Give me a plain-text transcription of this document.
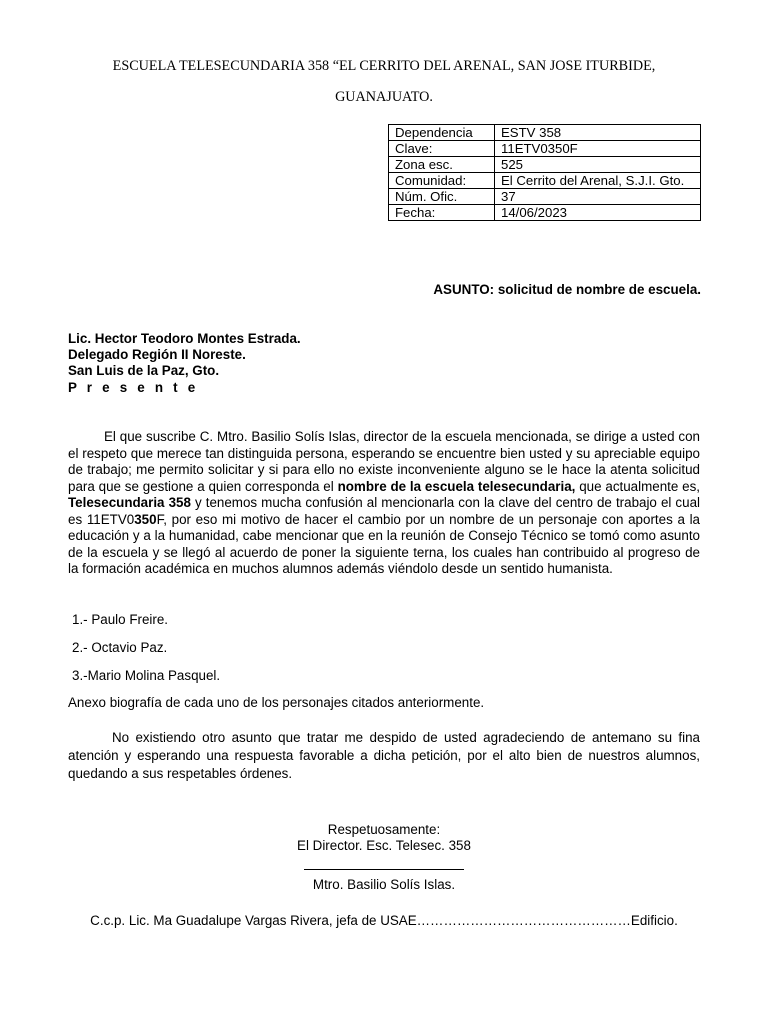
ESCUELA TELESECUNDARIA 358 “EL CERRITO DEL ARENAL, SAN JOSE ITURBIDE,
GUANAJUATO.
Dependencia	ESTV 358
Clave:	11ETV0350F
Zona esc.	525
Comunidad:	El Cerrito del Arenal, S.J.I. Gto.
Núm. Ofic.	37
Fecha:	14/06/2023
ASUNTO: solicitud de nombre de escuela.
Lic. Hector Teodoro Montes Estrada.
Delegado Región II Noreste.
San Luis de la Paz, Gto.
P r e s e n t e
El que suscribe C. Mtro. Basilio Solís Islas, director de la escuela mencionada, se dirige a usted con el respeto que merece tan distinguida persona, esperando se encuentre bien usted y su apreciable equipo de trabajo; me permito solicitar y si para ello no existe inconveniente alguno se le hace la atenta solicitud para que se gestione a quien corresponda el nombre de la escuela telesecundaria, que actualmente es, Telesecundaria 358 y tenemos mucha confusión al mencionarla con la clave del centro de trabajo el cual es 11ETV0350F, por eso mi motivo de hacer el cambio por un nombre de un personaje con aportes a la educación y a la humanidad, cabe mencionar que en la reunión de Consejo Técnico se tomó como asunto de la escuela y se llegó al acuerdo de poner la siguiente terna, los cuales han contribuido al progreso de la formación académica en muchos alumnos además viéndolo desde un sentido humanista.
1.- Paulo Freire.
2.- Octavio Paz.
3.-Mario Molina Pasquel.
Anexo biografía de cada uno de los personajes citados anteriormente.
No existiendo otro asunto que tratar me despido de usted agradeciendo de antemano su fina atención y esperando una respuesta favorable a dicha petición, por el alto bien de nuestros alumnos, quedando a sus respetables órdenes.
Respetuosamente:
El Director. Esc. Telesec. 358
Mtro. Basilio Solís Islas.
C.c.p. Lic. Ma Guadalupe Vargas Rivera, jefa de USAE…………………………………………Edificio.
